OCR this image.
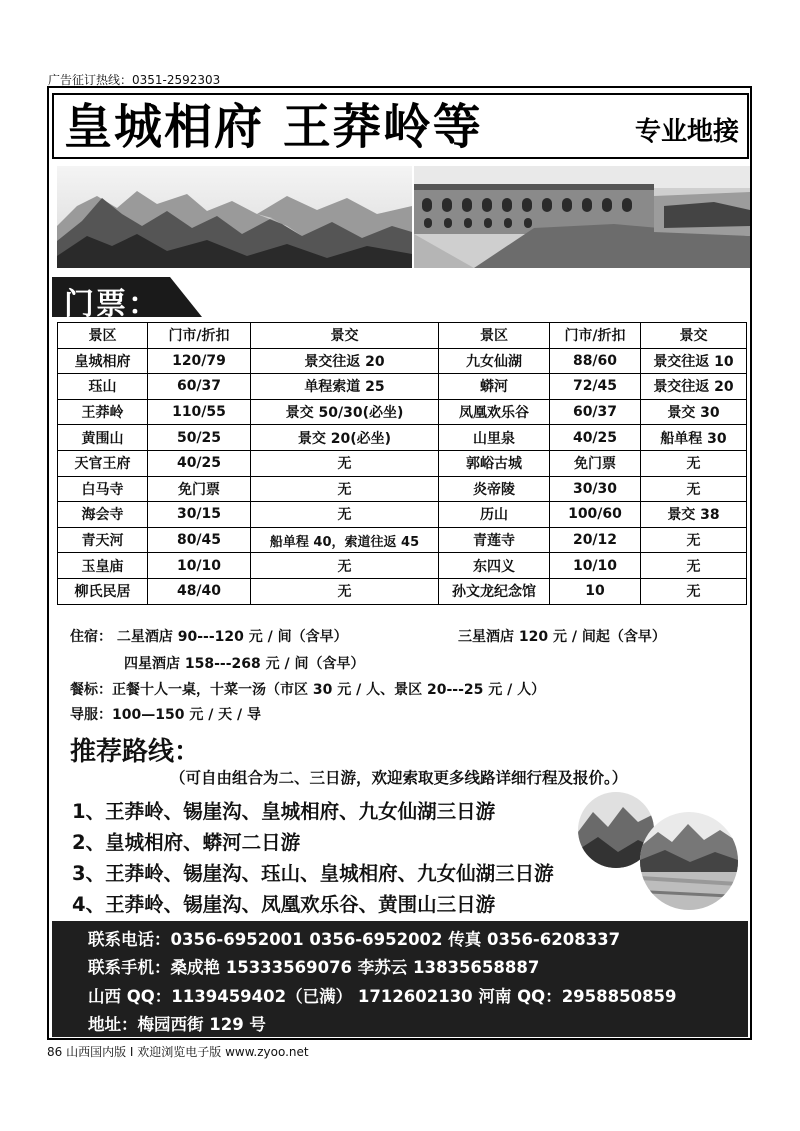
广告征订热线：0351-2592303
皇城相府 王莽岭等	专业地接
门票：
景区	门市/折扣	景交	景区	门市/折扣	景交
皇城相府	120/79	景交往返 20	九女仙湖	88/60	景交往返 10
珏山	60/37	单程索道 25	蟒河	72/45	景交往返 20
王莽岭	110/55	景交 50/30(必坐)	凤凰欢乐谷	60/37	景交 30
黄围山	50/25	景交 20(必坐)	山里泉	40/25	船单程 30
天官王府	40/25	无	郭峪古城	免门票	无
白马寺	免门票	无	炎帝陵	30/30	无
海会寺	30/15	无	历山	100/60	景交 38
青天河	80/45	船单程 40，索道往返 45	青莲寺	20/12	无
玉皇庙	10/10	无	东四义	10/10	无
柳氏民居	48/40	无	孙文龙纪念馆	10	无
住宿： 二星酒店 90---120 元 / 间（含早）	三星酒店 120 元 / 间起（含早）
四星酒店 158---268 元 / 间（含早）
餐标：正餐十人一桌，十菜一汤（市区 30 元 / 人、景区 20---25 元 / 人）
导服：100—150 元 / 天 / 导
推荐路线：
（可自由组合为二、三日游，欢迎索取更多线路详细行程及报价。）
1、王莽岭、锡崖沟、皇城相府、九女仙湖三日游
2、皇城相府、蟒河二日游
3、王莽岭、锡崖沟、珏山、皇城相府、九女仙湖三日游
4、王莽岭、锡崖沟、凤凰欢乐谷、黄围山三日游
联系电话：0356-6952001 0356-6952002 传真 0356-6208337
联系手机：桑成艳 15333569076 李苏云 13835658887
山西 QQ：1139459402（已满） 1712602130 河南 QQ：2958850859
地址：梅园西街 129 号
86 山西国内版 Ⅰ 欢迎浏览电子版 www.zyoo.net
